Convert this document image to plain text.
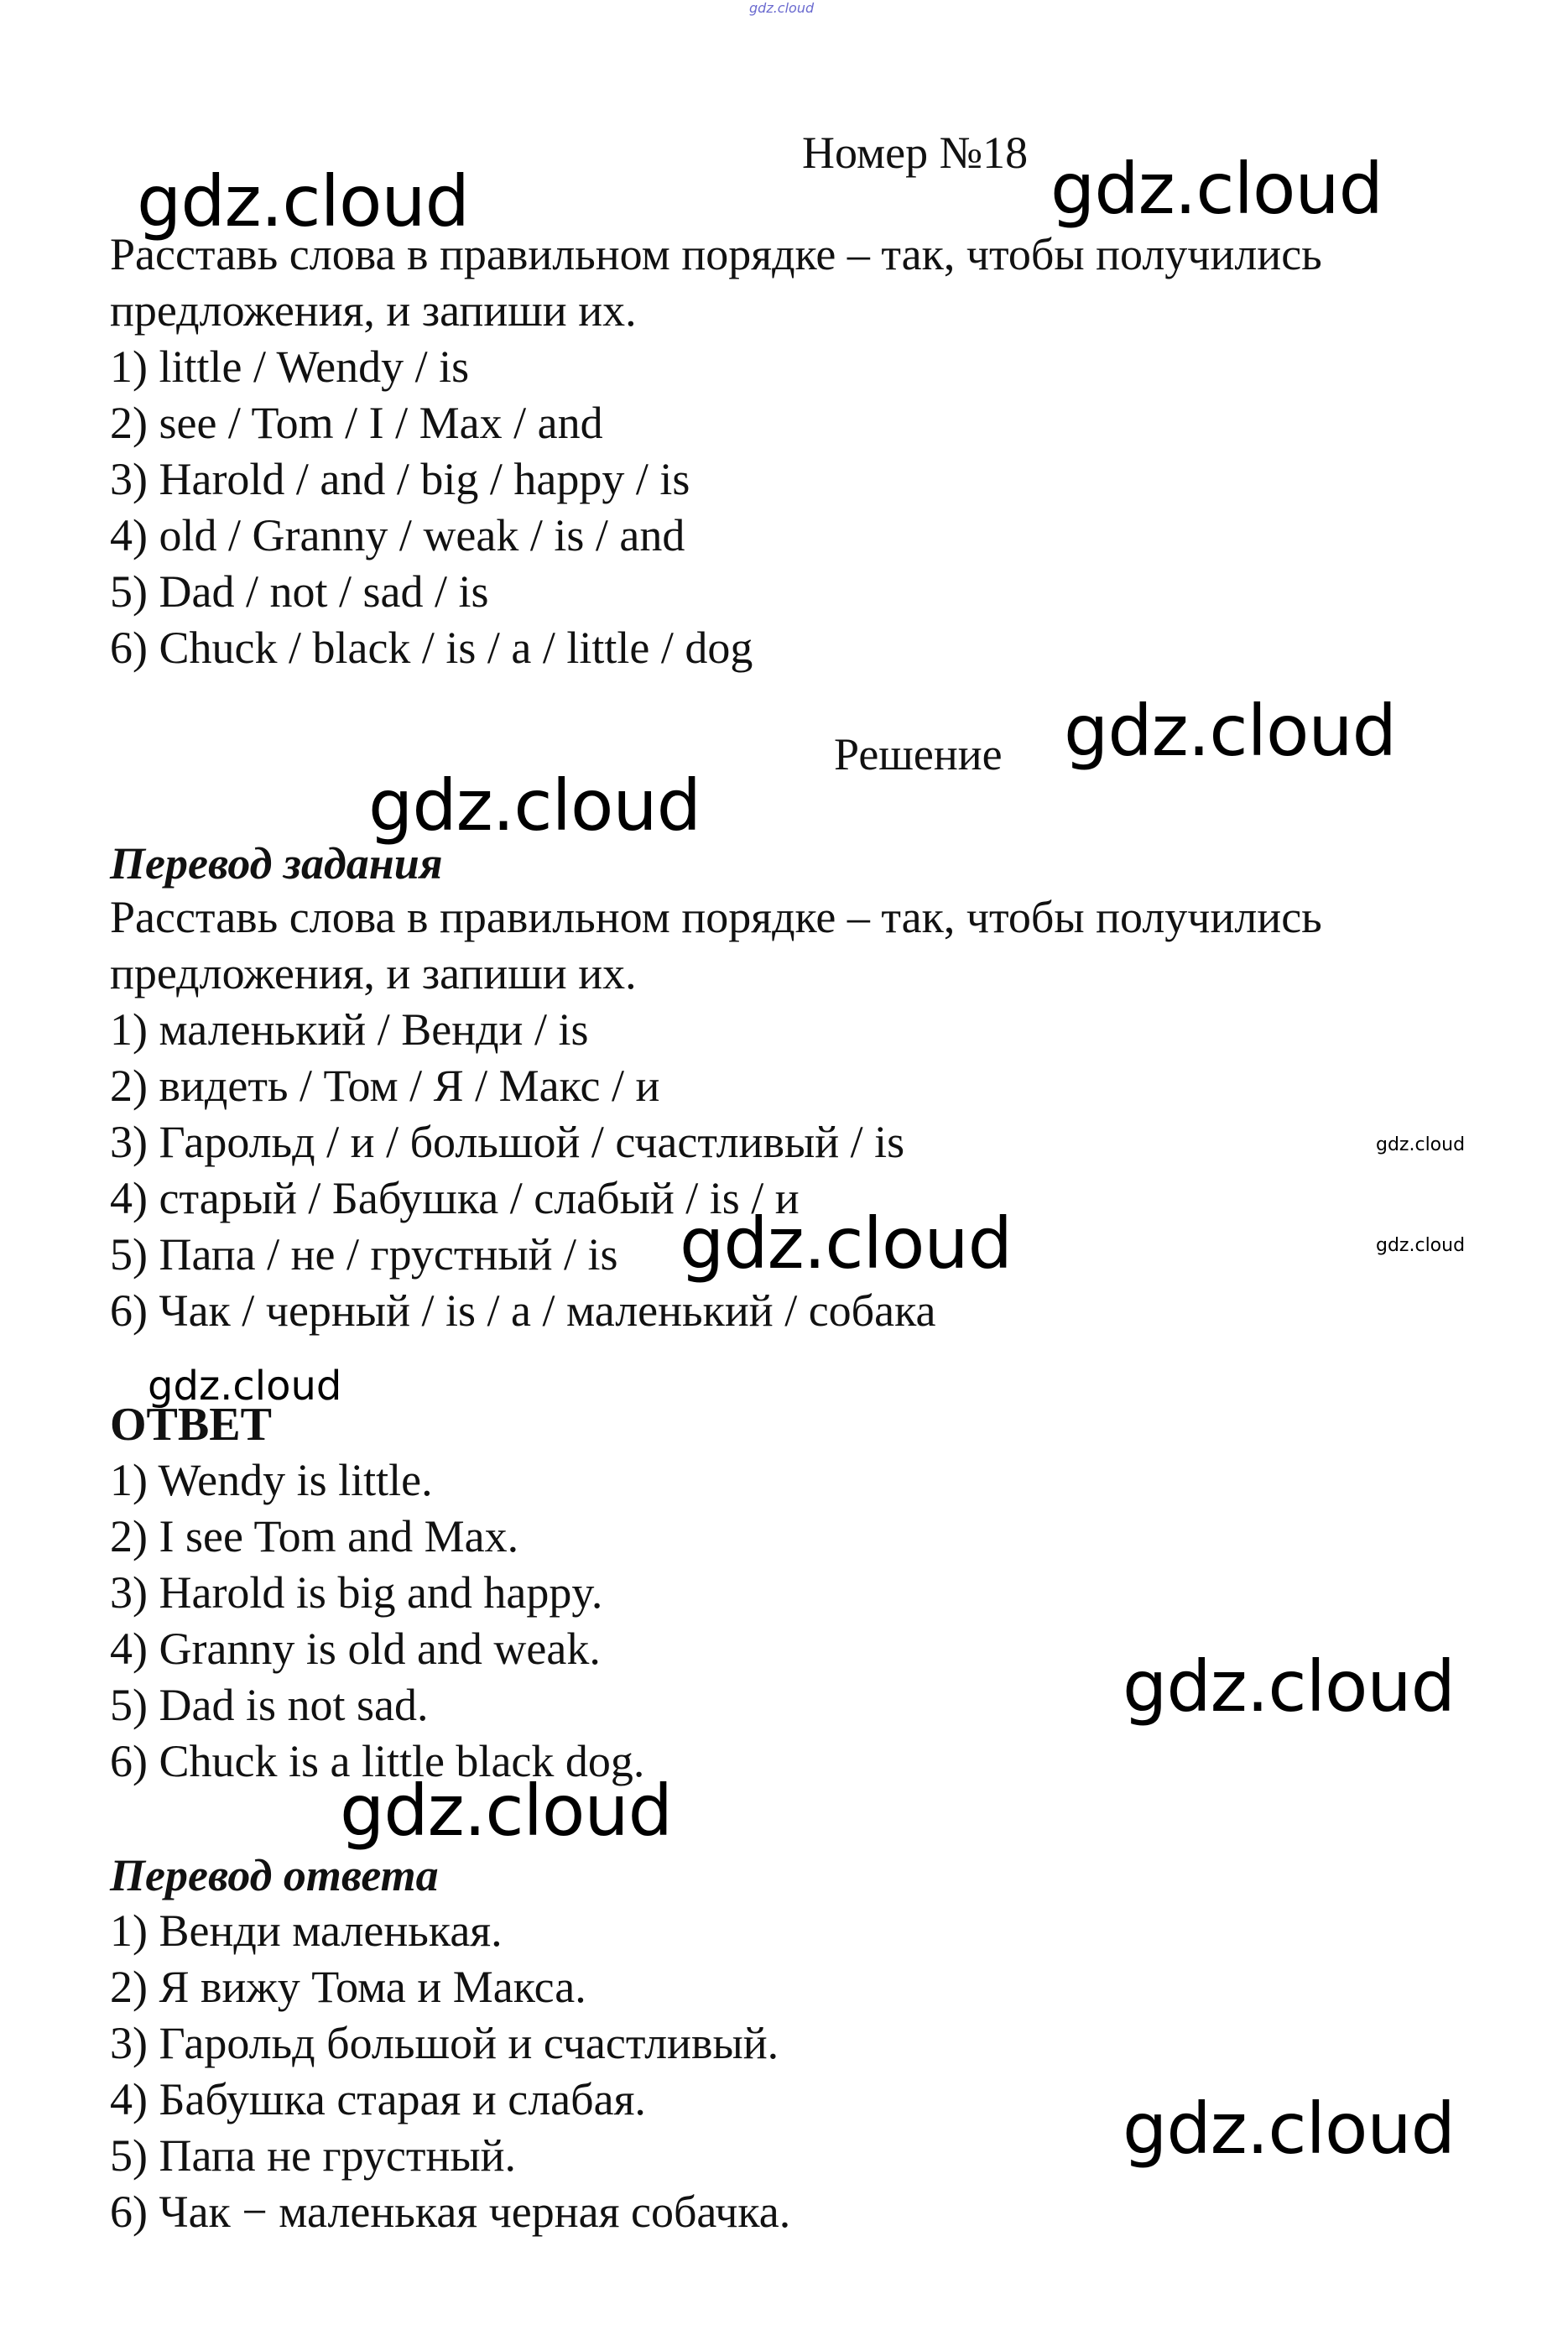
gdz.cloud
gdz.cloud	gdz.cloud
gdz.cloud
gdz.cloud
gdz.cloud
gdz.cloud	gdz.cloud
gdz.cloud
gdz.cloud
gdz.cloud
gdz.cloud
Номер №18
Расставь слова в правильном порядке – так, чтобы получились
предложения, и запиши их.
1) little / Wendy / is
2) see / Tom / I / Max / and
3) Harold / and / big / happy / is
4) old / Granny / weak / is / and
5) Dad / not / sad / is
6) Chuck / black / is / a / little / dog
Решение
Перевод задания
Расставь слова в правильном порядке – так, чтобы получились
предложения, и запиши их.
1) маленький / Венди / is
2) видеть / Том / Я / Макс / и
3) Гарольд / и / большой / счастливый / is
4) старый / Бабушка / слабый / is / и
5) Папа / не / грустный / is
6) Чак / черный / is / a / маленький / собака
ОТВЕТ
1) Wendy is little.
2) I see Tom and Max.
3) Harold is big and happy.
4) Granny is old and weak.
5) Dad is not sad.
6) Chuck is a little black dog.
Перевод ответа
1) Венди маленькая.
2) Я вижу Тома и Макса.
3) Гарольд большой и счастливый.
4) Бабушка старая и слабая.
5) Папа не грустный.
6) Чак − маленькая черная собачка.
